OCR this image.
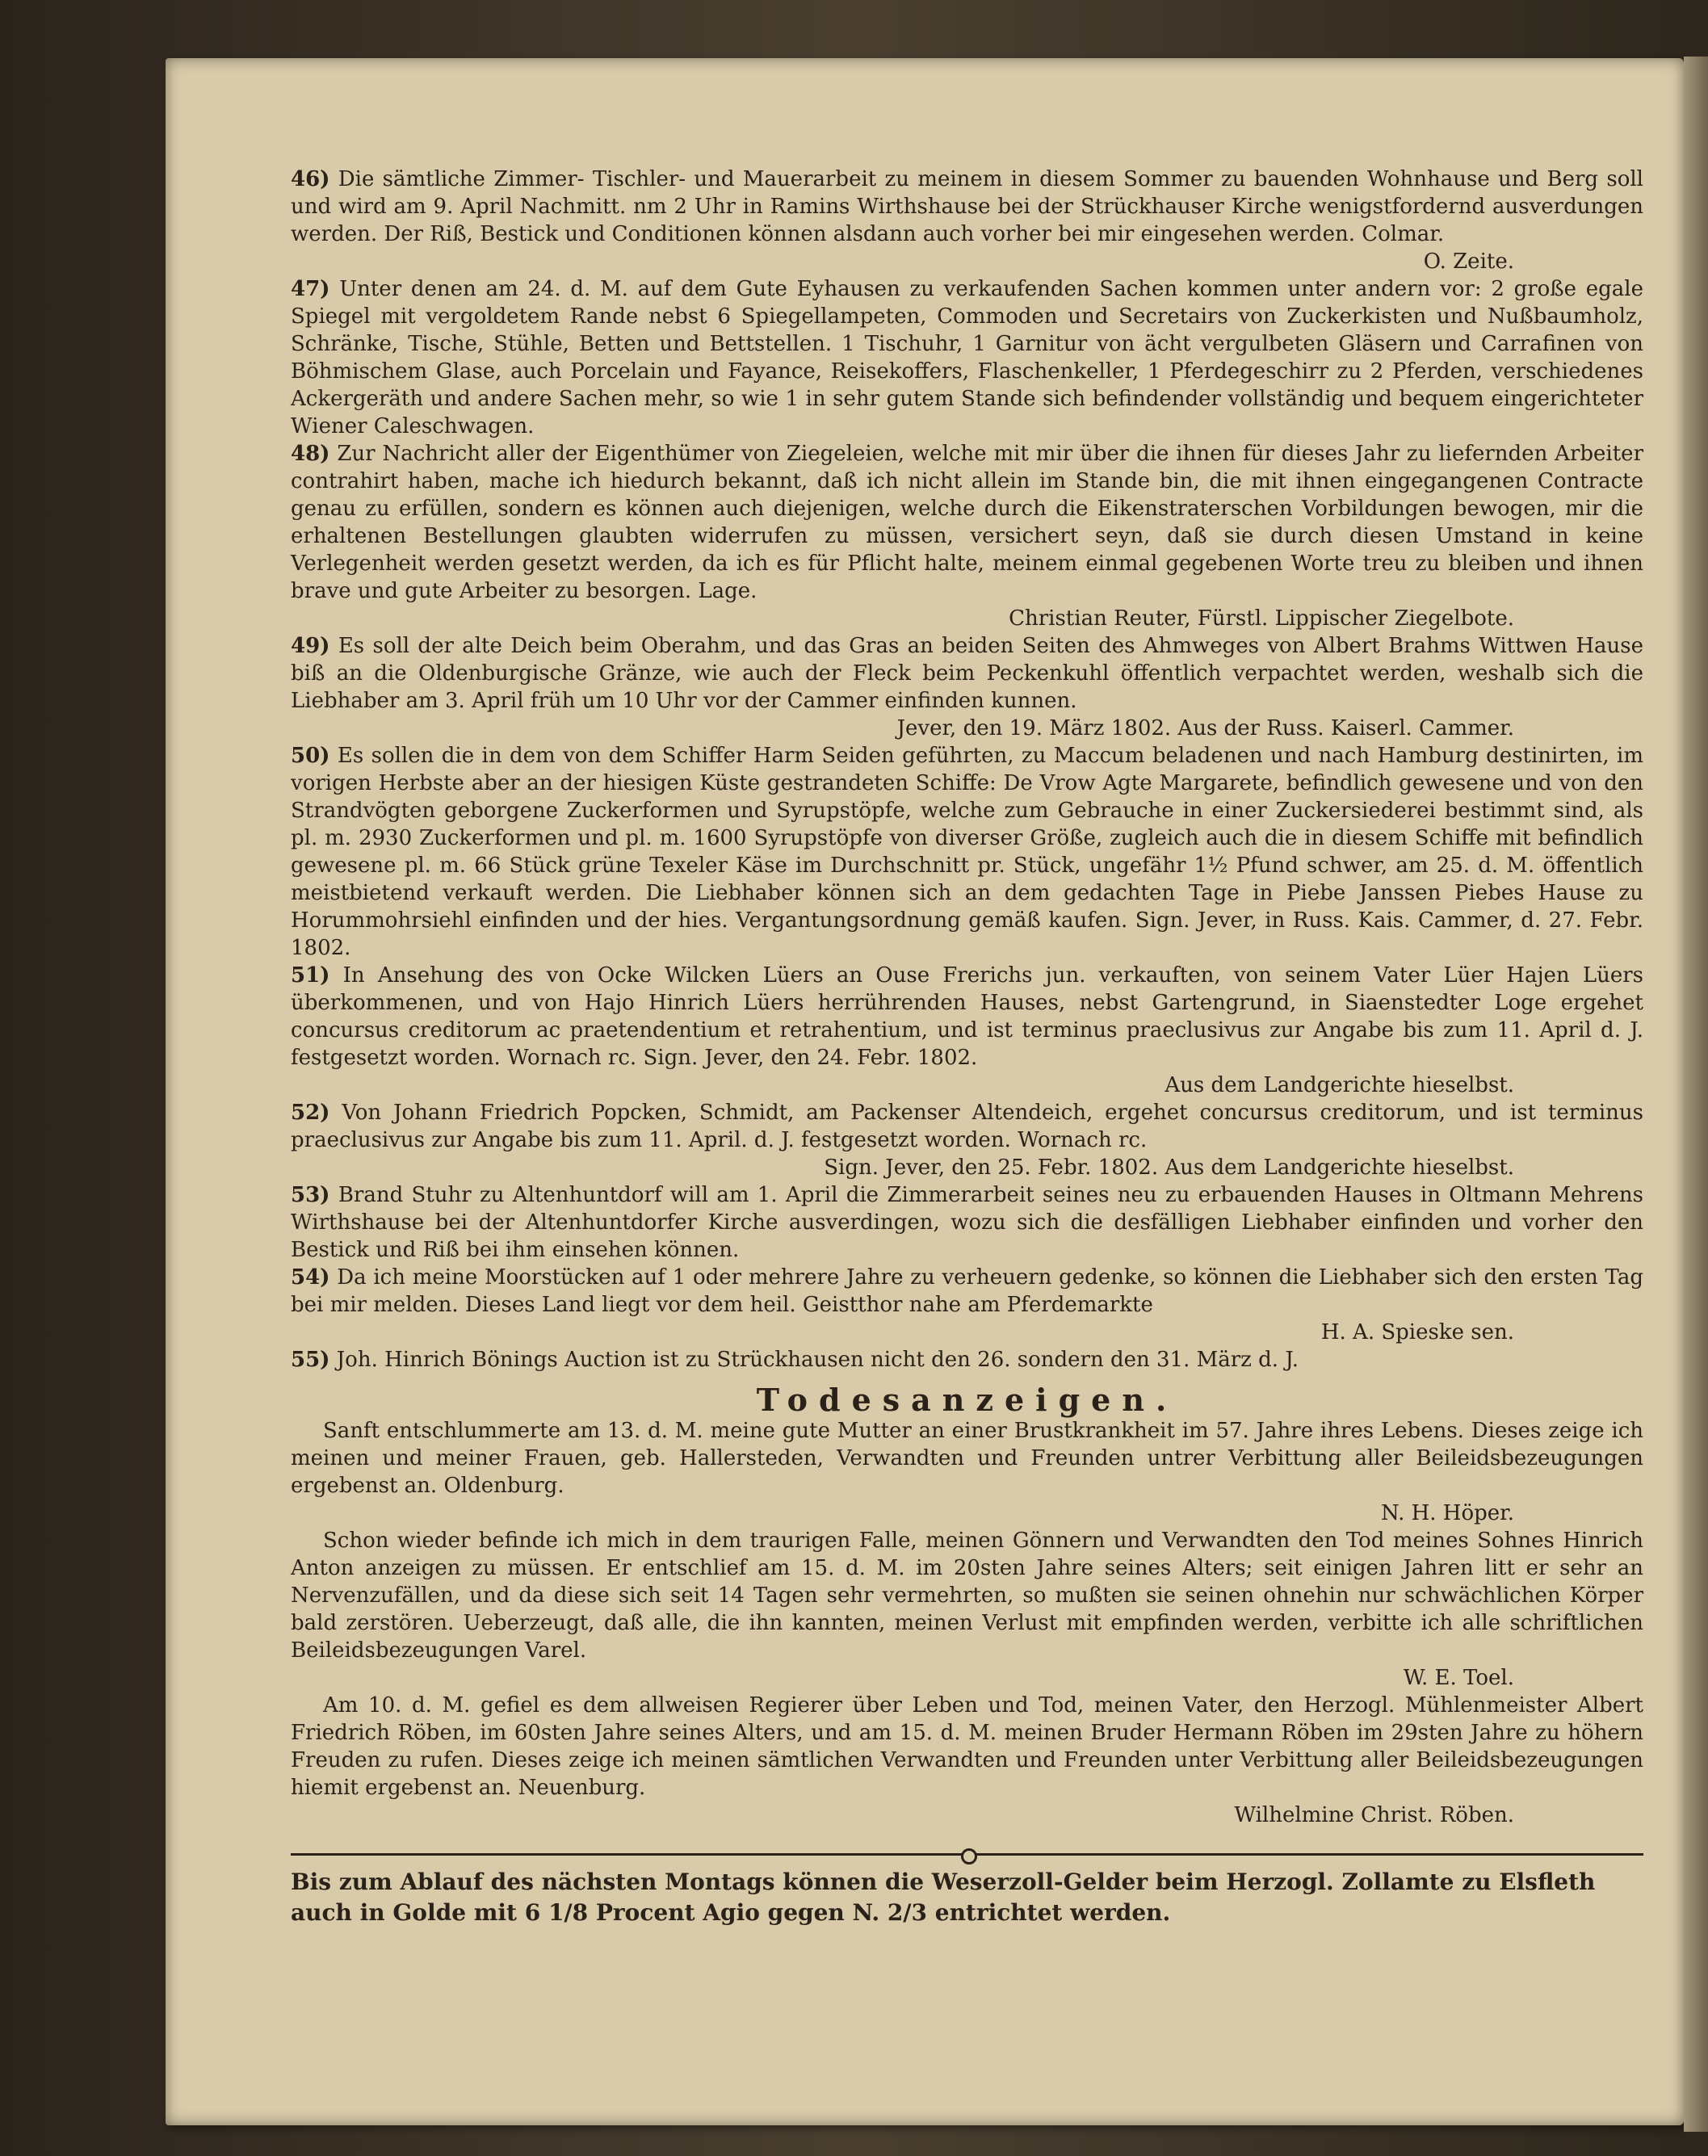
46) Die sämtliche Zimmer- Tischler- und Mauerarbeit zu meinem in diesem Sommer zu bauenden Wohnhause und Berg soll und wird am 9. April Nachmitt. nm 2 Uhr in Ramins Wirthshause bei der Strückhauser Kirche wenigstfordernd ausverdungen werden. Der Riß, Bestick und Conditionen können alsdann auch vorher bei mir eingesehen werden. Colmar.

O. Zeite.

47) Unter denen am 24. d. M. auf dem Gute Eyhausen zu verkaufenden Sachen kommen unter andern vor: 2 große egale Spiegel mit vergoldetem Rande nebst 6 Spiegellampeten, Commoden und Secretairs von Zuckerkisten und Nußbaumholz, Schränke, Tische, Stühle, Betten und Bettstellen. 1 Tischuhr, 1 Garnitur von ächt vergulbeten Gläsern und Carrafinen von Böhmischem Glase, auch Porcelain und Fayance, Reisekoffers, Flaschenkeller, 1 Pferdegeschirr zu 2 Pferden, verschiedenes Ackergeräth und andere Sachen mehr, so wie 1 in sehr gutem Stande sich befindender vollständig und bequem eingerichteter Wiener Caleschwagen.

48) Zur Nachricht aller der Eigenthümer von Ziegeleien, welche mit mir über die ihnen für dieses Jahr zu liefernden Arbeiter contrahirt haben, mache ich hiedurch bekannt, daß ich nicht allein im Stande bin, die mit ihnen eingegangenen Contracte genau zu erfüllen, sondern es können auch diejenigen, welche durch die Eikenstraterschen Vorbildungen bewogen, mir die erhaltenen Bestellungen glaubten widerrufen zu müssen, versichert seyn, daß sie durch diesen Umstand in keine Verlegenheit werden gesetzt werden, da ich es für Pflicht halte, meinem einmal gegebenen Worte treu zu bleiben und ihnen brave und gute Arbeiter zu besorgen. Lage.

Christian Reuter, Fürstl. Lippischer Ziegelbote.

49) Es soll der alte Deich beim Oberahm, und das Gras an beiden Seiten des Ahmweges von Albert Brahms Wittwen Hause biß an die Oldenburgische Gränze, wie auch der Fleck beim Peckenkuhl öffentlich verpachtet werden, weshalb sich die Liebhaber am 3. April früh um 10 Uhr vor der Cammer einfinden kunnen.

Jever, den 19. März 1802. Aus der Russ. Kaiserl. Cammer.

50) Es sollen die in dem von dem Schiffer Harm Seiden geführten, zu Maccum beladenen und nach Hamburg destinirten, im vorigen Herbste aber an der hiesigen Küste gestrandeten Schiffe: De Vrow Agte Margarete, befindlich gewesene und von den Strandvögten geborgene Zuckerformen und Syrupstöpfe, welche zum Gebrauche in einer Zuckersiederei bestimmt sind, als pl. m. 2930 Zuckerformen und pl. m. 1600 Syrupstöpfe von diverser Größe, zugleich auch die in diesem Schiffe mit befindlich gewesene pl. m. 66 Stück grüne Texeler Käse im Durchschnitt pr. Stück, ungefähr 1½ Pfund schwer, am 25. d. M. öffentlich meistbietend verkauft werden. Die Liebhaber können sich an dem gedachten Tage in Piebe Janssen Piebes Hause zu Horummohrsiehl einfinden und der hies. Vergantungsordnung gemäß kaufen. Sign. Jever, in Russ. Kais. Cammer, d. 27. Febr. 1802.

51) In Ansehung des von Ocke Wilcken Lüers an Ouse Frerichs jun. verkauften, von seinem Vater Lüer Hajen Lüers überkommenen, und von Hajo Hinrich Lüers herrührenden Hauses, nebst Gartengrund, in Siaenstedter Loge ergehet concursus creditorum ac praetendentium et retrahentium, und ist terminus praeclusivus zur Angabe bis zum 11. April d. J. festgesetzt worden. Wornach rc. Sign. Jever, den 24. Febr. 1802.

Aus dem Landgerichte hieselbst.

52) Von Johann Friedrich Popcken, Schmidt, am Packenser Altendeich, ergehet concursus creditorum, und ist terminus praeclusivus zur Angabe bis zum 11. April. d. J. festgesetzt worden. Wornach rc.

Sign. Jever, den 25. Febr. 1802. Aus dem Landgerichte hieselbst.

53) Brand Stuhr zu Altenhuntdorf will am 1. April die Zimmerarbeit seines neu zu erbauenden Hauses in Oltmann Mehrens Wirthshause bei der Altenhuntdorfer Kirche ausverdingen, wozu sich die desfälligen Liebhaber einfinden und vorher den Bestick und Riß bei ihm einsehen können.

54) Da ich meine Moorstücken auf 1 oder mehrere Jahre zu verheuern gedenke, so können die Liebhaber sich den ersten Tag bei mir melden. Dieses Land liegt vor dem heil. Geistthor nahe am Pferdemarkte

H. A. Spieske sen.

55) Joh. Hinrich Bönings Auction ist zu Strückhausen nicht den 26. sondern den 31. März d. J.

Todesanzeigen.

Sanft entschlummerte am 13. d. M. meine gute Mutter an einer Brustkrankheit im 57. Jahre ihres Lebens. Dieses zeige ich meinen und meiner Frauen, geb. Hallersteden, Verwandten und Freunden untrer Verbittung aller Beileidsbezeugungen ergebenst an. Oldenburg.

N. H. Höper.

Schon wieder befinde ich mich in dem traurigen Falle, meinen Gönnern und Verwandten den Tod meines Sohnes Hinrich Anton anzeigen zu müssen. Er entschlief am 15. d. M. im 20sten Jahre seines Alters; seit einigen Jahren litt er sehr an Nervenzufällen, und da diese sich seit 14 Tagen sehr vermehrten, so mußten sie seinen ohnehin nur schwächlichen Körper bald zerstören. Ueberzeugt, daß alle, die ihn kannten, meinen Verlust mit empfinden werden, verbitte ich alle schriftlichen Beileidsbezeugungen Varel.

W. E. Toel.

Am 10. d. M. gefiel es dem allweisen Regierer über Leben und Tod, meinen Vater, den Herzogl. Mühlenmeister Albert Friedrich Röben, im 60sten Jahre seines Alters, und am 15. d. M. meinen Bruder Hermann Röben im 29sten Jahre zu höhern Freuden zu rufen. Dieses zeige ich meinen sämtlichen Verwandten und Freunden unter Verbittung aller Beileidsbezeugungen hiemit ergebenst an. Neuenburg.

Wilhelmine Christ. Röben.
Bis zum Ablauf des nächsten Montags können die Weserzoll-Gelder beim Herzogl. Zollamte zu Elsfleth auch in Golde mit 6 1/8 Procent Agio gegen N. 2/3 entrichtet werden.
